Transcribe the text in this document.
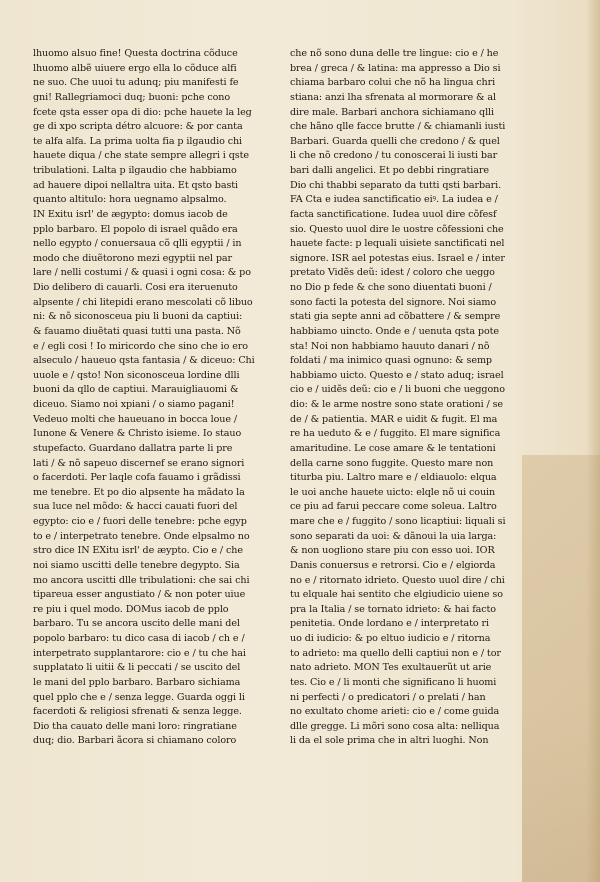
lhuomo alsuo fine! Questa doctrina cõduce
lhuomo albẽ uiuere ergo ella lo cõduce alfi
ne suo. Che uuoi tu adunq; piu manifesti fe
gni! Rallegriamoci duq; buoni: pche cono
fcete qsta esser opa di dio: pche hauete la leg
ge di xpo scripta détro alcuore: & por canta
te alfa alfa. La prima uolta fia p ilgaudio chi
hauete diqua / che state sempre allegri i qste
tribulationi. Lalta p ilgaudio che habbiamo
ad hauere dipoi nellaltra uita. Et qsto basti
quanto altitulo: hora uegnamo alpsalmo.
IN Exitu isrl' de ægypto: domus iacob de
pplo barbaro. El popolo di israel quãdo era
nello egypto / conuersaua cõ qlli egyptii / in
modo che diuẽtorono mezi egyptii nel par
lare / nelli costumi / & quasi i ogni cosa: & po
Dio delibero di cauarli. Cosi era iteruenuto
alpsente / chi litepidi erano mescolati cõ libuo
ni: & nõ siconosceua piu li buoni da captiui:
& fauamo diuẽtati quasi tutti una pasta. Nõ
e / egli cosi ! Io miricordo che sino che io ero
alseculo / haueuo qsta fantasia / & diceuo: Chi
uuole e / qsto! Non siconosceua lordine dlli
buoni da qllo de captiui. Marauigliauomi &
diceuo. Siamo noi xpiani / o siamo pagani!
Vedeuo molti che haueuano in bocca loue /
Iunone & Venere & Christo isieme. Io stauo
stupefacto. Guardano dallatra parte li pre
lati / & nõ sapeuo discernef se erano signori
o facerdoti. Per laqle cofa fauamo i grãdissi
me tenebre. Et po dio alpsente ha mãdato la
sua luce nel mõdo: & hacci cauati fuori del
egypto: cio e / fuori delle tenebre: pche egyp
to e / interpetrato tenebre. Onde elpsalmo no
stro dice IN EXitu isrl' de æypto. Cio e / che
noi siamo uscitti delle tenebre degypto. Sia
mo ancora uscitti dlle tribulationi: che sai chi
tipareua esser angustiato / & non poter uiue
re piu i quel modo. DOMus iacob de pplo
barbaro. Tu se ancora uscito delle mani del
popolo barbaro: tu dico casa di iacob / ch e /
interpetrato supplantarore: cio e / tu che hai
supplatato li uitii & li peccati / se uscito del
le mani del pplo barbaro. Barbaro sichiama
quel pplo che e / senza legge. Guarda oggi li
facerdoti & religiosi sfrenati & senza legge.
Dio tha cauato delle mani loro: ringratiane
duq; dio. Barbari ãcora si chiamano coloro
che nõ sono duna delle tre lingue: cio e / he
brea / greca / & latina: ma appresso a Dio si
chiama barbaro colui che nõ ha lingua chri
stiana: anzi lha sfrenata al mormorare & al
dire male. Barbari anchora sichiamano qlli
che hãno qlle facce brutte / & chiamanli iusti
Barbari. Guarda quelli che credono / & quel
li che nõ credono / tu conoscerai li iusti bar
bari dalli angelici. Et po debbi ringratiare
Dio chi thabbi separato da tutti qsti barbari.
FA Cta e iudea sanctificatio eiꝰ. La iudea e /
facta sanctificatione. Iudea uuol dire cõfesf
sio. Questo uuol dire le uostre cõfessioni che
hauete facte: p lequali uisiete sanctificati nel
signore. ISR ael potestas eius. Israel e / inter
pretato Vidẽs deũ: idest / coloro che ueggo
no Dio p fede & che sono diuentati buoni /
sono facti la potesta del signore. Noi siamo
stati gia septe anni ad cõbattere / & sempre
habbiamo uincto. Onde e / uenuta qsta pote
sta! Noi non habbiamo hauuto danari / nõ
foldati / ma inimico quasi ognuno: & semp
habbiamo uicto. Questo e / stato aduq; israel
cio e / uidẽs deũ: cio e / li buoni che ueggono
dio: & le arme nostre sono state orationi / se
de / & patientia. MAR e uidit & fugit. El ma
re ha ueduto & e / fuggito. El mare significa
amaritudine. Le cose amare & le tentationi
della carne sono fuggite. Questo mare non
titurba piu. Laltro mare e / eldiauolo: elqua
le uoi anche hauete uicto: elqle nõ ui couin
ce piu ad farui peccare come soleua. Laltro
mare che e / fuggito / sono licaptiui: liquali si
sono separati da uoi: & dãnoui la uia larga:
& non uogliono stare piu con esso uoi. IOR
Danis conuersus e retrorsi. Cio e / elgiorda
no e / ritornato idrieto. Questo uuol dire / chi
tu elquale hai sentito che elgiudicio uiene so
pra la Italia / se tornato idrieto: & hai facto
penitetia. Onde lordano e / interpretato ri
uo di iudicio: & po eltuo iudicio e / ritorna
to adrieto: ma quello delli captiui non e / tor
nato adrieto. MON Tes exultauerũt ut arie
tes. Cio e / li monti che significano li huomi
ni perfecti / o predicatori / o prelati / han
no exultato chome arieti: cio e / come guida
dlle gregge. Li mõri sono cosa alta: nelliqua
li da el sole prima che in altri luoghi. Non
